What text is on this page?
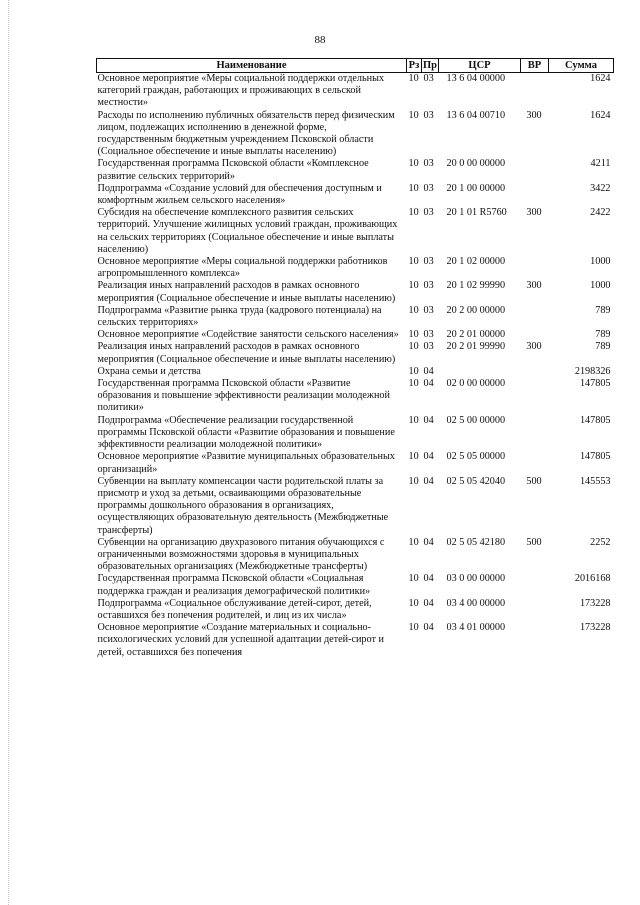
88
Наименование	Рз	Пр	ЦСР	ВР	Сумма
Основное мероприятие «Меры социальной поддержки отдельных категорий граждан, работающих и проживающих в сельской местности»	10	03	13 6 04 00000		1624
Расходы по исполнению публичных обязательств перед физическим лицом, подлежащих исполнению в денежной форме, государственным бюджетным учреждением Псковской области (Социальное обеспечение и иные выплаты населению)	10	03	13 6 04 00710	300	1624
Государственная программа Псковской области «Комплексное развитие сельских территорий»	10	03	20 0 00 00000		4211
Подпрограмма «Создание условий для обеспечения доступным и комфортным жильем сельского населения»	10	03	20 1 00 00000		3422
Субсидия на обеспечение комплексного развития сельских территорий. Улучшение жилищных условий граждан, проживающих на сельских территориях (Социальное обеспечение и иные выплаты населению)	10	03	20 1 01 R5760	300	2422
Основное мероприятие «Меры социальной поддержки работников агропромышленного комплекса»	10	03	20 1 02 00000		1000
Реализация иных направлений расходов в рамках основного мероприятия (Социальное обеспечение и иные выплаты населению)	10	03	20 1 02 99990	300	1000
Подпрограмма «Развитие рынка труда (кадрового потенциала) на сельских территориях»	10	03	20 2 00 00000		789
Основное мероприятие «Содействие занятости сельского населения»	10	03	20 2 01 00000		789
Реализация иных направлений расходов в рамках основного мероприятия (Социальное обеспечение и иные выплаты населению)	10	03	20 2 01 99990	300	789
Охрана семьи и детства	10	04			2198326
Государственная программа Псковской области «Развитие образования и повышение эффективности реализации молодежной политики»	10	04	02 0 00 00000		147805
Подпрограмма «Обеспечение реализации государственной программы Псковской области «Развитие образования и повышение эффективности реализации молодежной политики»	10	04	02 5 00 00000		147805
Основное мероприятие «Развитие муниципальных образовательных организаций»	10	04	02 5 05 00000		147805
Субвенции на выплату компенсации части родительской платы за присмотр и уход за детьми, осваивающими образовательные программы дошкольного образования в организациях, осуществляющих образовательную деятельность (Межбюджетные трансферты)	10	04	02 5 05 42040	500	145553
Субвенции на организацию двухразового питания обучающихся с ограниченными возможностями здоровья в муниципальных образовательных организациях (Межбюджетные трансферты)	10	04	02 5 05 42180	500	2252
Государственная программа Псковской области «Социальная поддержка граждан и реализация демографической политики»	10	04	03 0 00 00000		2016168
Подпрограмма «Социальное обслуживание детей-сирот, детей, оставшихся без попечения родителей, и лиц из их числа»	10	04	03 4 00 00000		173228
Основное мероприятие «Создание материальных и социально-психологических условий для успешной адаптации детей-сирот и детей, оставшихся без попечения	10	04	03 4 01 00000		173228
